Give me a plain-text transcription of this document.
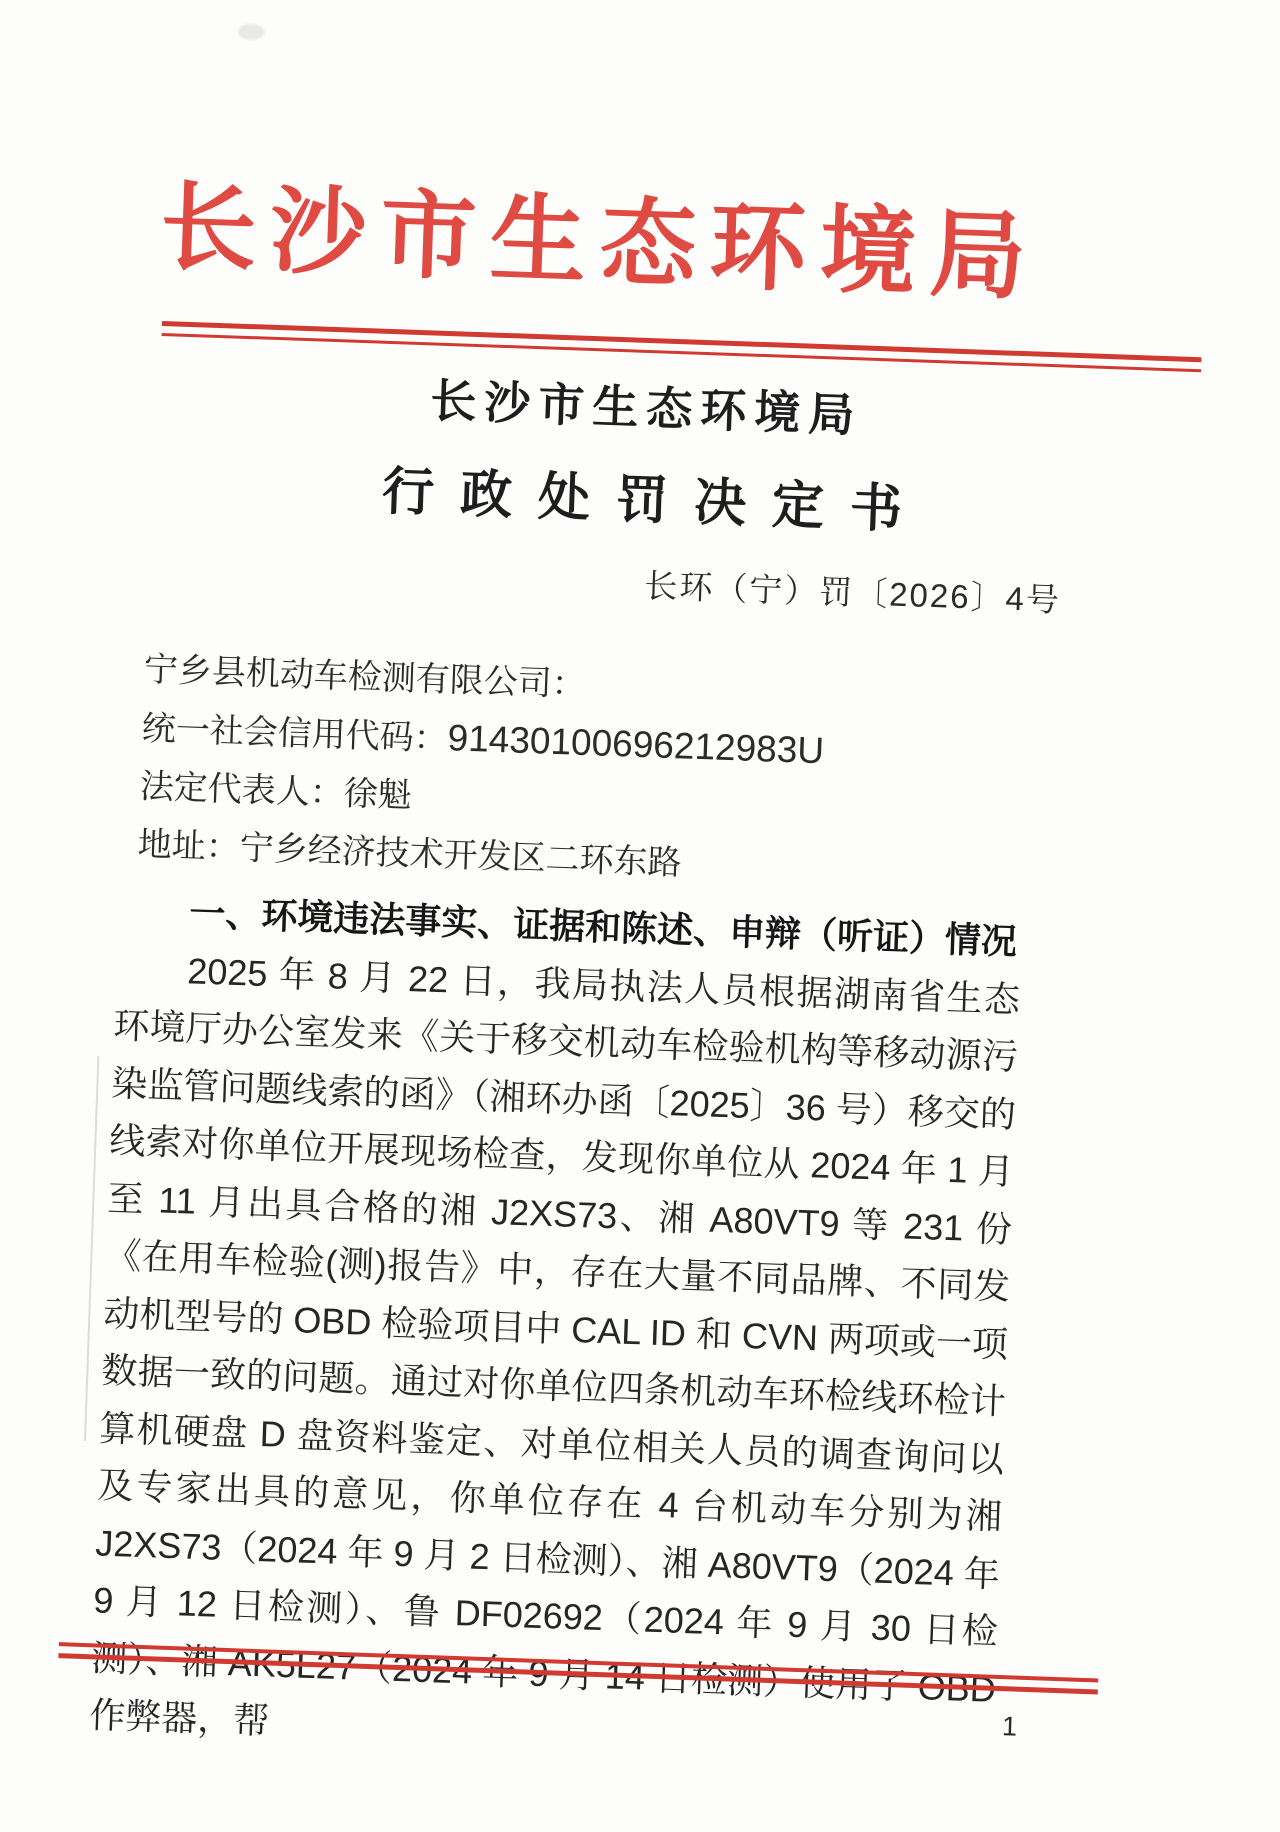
长沙市生态环境局
长沙市生态环境局
行政处罚决定书
长环（宁）罚〔2026〕4号
宁乡县机动车检测有限公司：
统一社会信用代码：91430100696212983U
法定代表人：徐魁
地址：宁乡经济技术开发区二环东路

一、环境违法事实、证据和陈述、申辩（听证）情况

2025 年 8 月 22 日，我局执法人员根据湖南省生态环境厅办公室发来《关于移交机动车检验机构等移动源污染监管问题线索的函》（湘环办函〔2025〕36 号）移交的线索对你单位开展现场检查，发现你单位从 2024 年 1 月至 11 月出具合格的湘 J2XS73、湘 A80VT9 等 231 份《在用车检验(测)报告》中，存在大量不同品牌、不同发动机型号的 OBD 检验项目中 CAL ID 和 CVN 两项或一项数据一致的问题。通过对你单位四条机动车环检线环检计算机硬盘 D 盘资料鉴定、对单位相关人员的调查询问以及专家出具的意见，你单位存在 4 台机动车分别为湘 J2XS73（2024 年 9 月 2 日检测）、湘 A80VT9（2024 年 9 月 12 日检测）、鲁 DF02692（2024 年 9 月 30 日检测）、湘 AK5L27（2024 年 9 月 14 日检测）使用了 OBD 作弊器，帮	1
